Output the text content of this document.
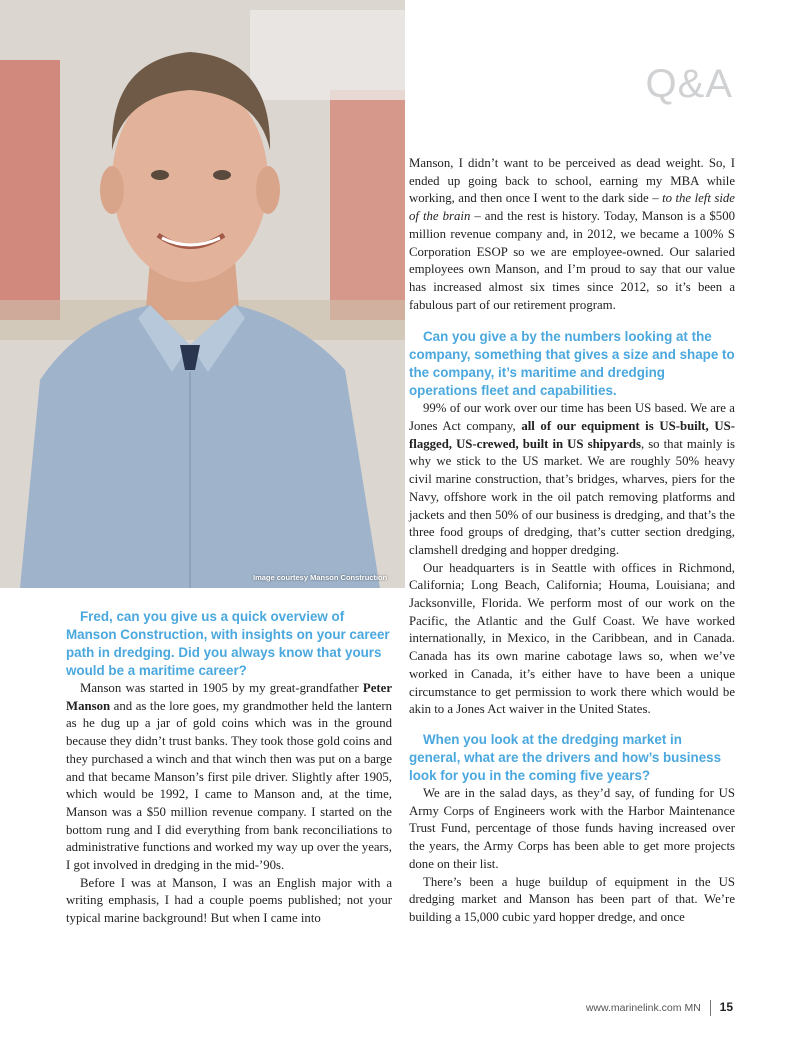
Image courtesy Manson Construction
Q&A

Manson, I didn’t want to be perceived as dead weight. So, I ended up going back to school, earning my MBA while working, and then once I went to the dark side – to the left side of the brain – and the rest is history. Today, Manson is a $500 million revenue company and, in 2012, we became a 100% S Corporation ESOP so we are employee-owned. Our salaried employees own Manson, and I’m proud to say that our value has increased almost six times since 2012, so it’s been a fabulous part of our retirement program.

Can you give a by the numbers looking at the company, something that gives a size and shape to the company, it’s maritime and dredging operations fleet and capabilities.

99% of our work over our time has been US based. We are a Jones Act company, all of our equipment is US-built, US-flagged, US-crewed, built in US shipyards, so that mainly is why we stick to the US market. We are roughly 50% heavy civil marine construction, that’s bridges, wharves, piers for the Navy, offshore work in the oil patch removing platforms and jackets and then 50% of our business is dredging, and that’s the three food groups of dredging, that’s cutter section dredging, clamshell dredging and hopper dredging.

Our headquarters is in Seattle with offices in Richmond, California; Long Beach, California; Houma, Louisiana; and Jacksonville, Florida. We perform most of our work on the Pacific, the Atlantic and the Gulf Coast. We have worked internationally, in Mexico, in the Caribbean, and in Canada. Canada has its own marine cabotage laws so, when we’ve worked in Canada, it’s either have to have been a unique circumstance to get permission to work there which would be akin to a Jones Act waiver in the United States.

When you look at the dredging market in general, what are the drivers and how’s business look for you in the coming five years?

We are in the salad days, as they’d say, of funding for US Army Corps of Engineers work with the Harbor Maintenance Trust Fund, percentage of those funds having increased over the years, the Army Corps has been able to get more projects done on their list.

There’s been a huge buildup of equipment in the US dredging market and Manson has been part of that. We’re building a 15,000 cubic yard hopper dredge, and once

Fred, can you give us a quick overview of Manson Construction, with insights on your career path in dredging. Did you always know that yours would be a maritime career?

Manson was started in 1905 by my great-grandfather Peter Manson and as the lore goes, my grandmother held the lantern as he dug up a jar of gold coins which was in the ground because they didn’t trust banks. They took those gold coins and they purchased a winch and that winch then was put on a barge and that became Manson’s first pile driver. Slightly after 1905, which would be 1992, I came to Manson and, at the time, Manson was a $50 million revenue company. I started on the bottom rung and I did everything from bank reconciliations to administrative functions and worked my way up over the years, I got involved in dredging in the mid-’90s.

Before I was at Manson, I was an English major with a writing emphasis, I had a couple poems published; not your typical marine background! But when I came into

www.marinelink.com MN 15
